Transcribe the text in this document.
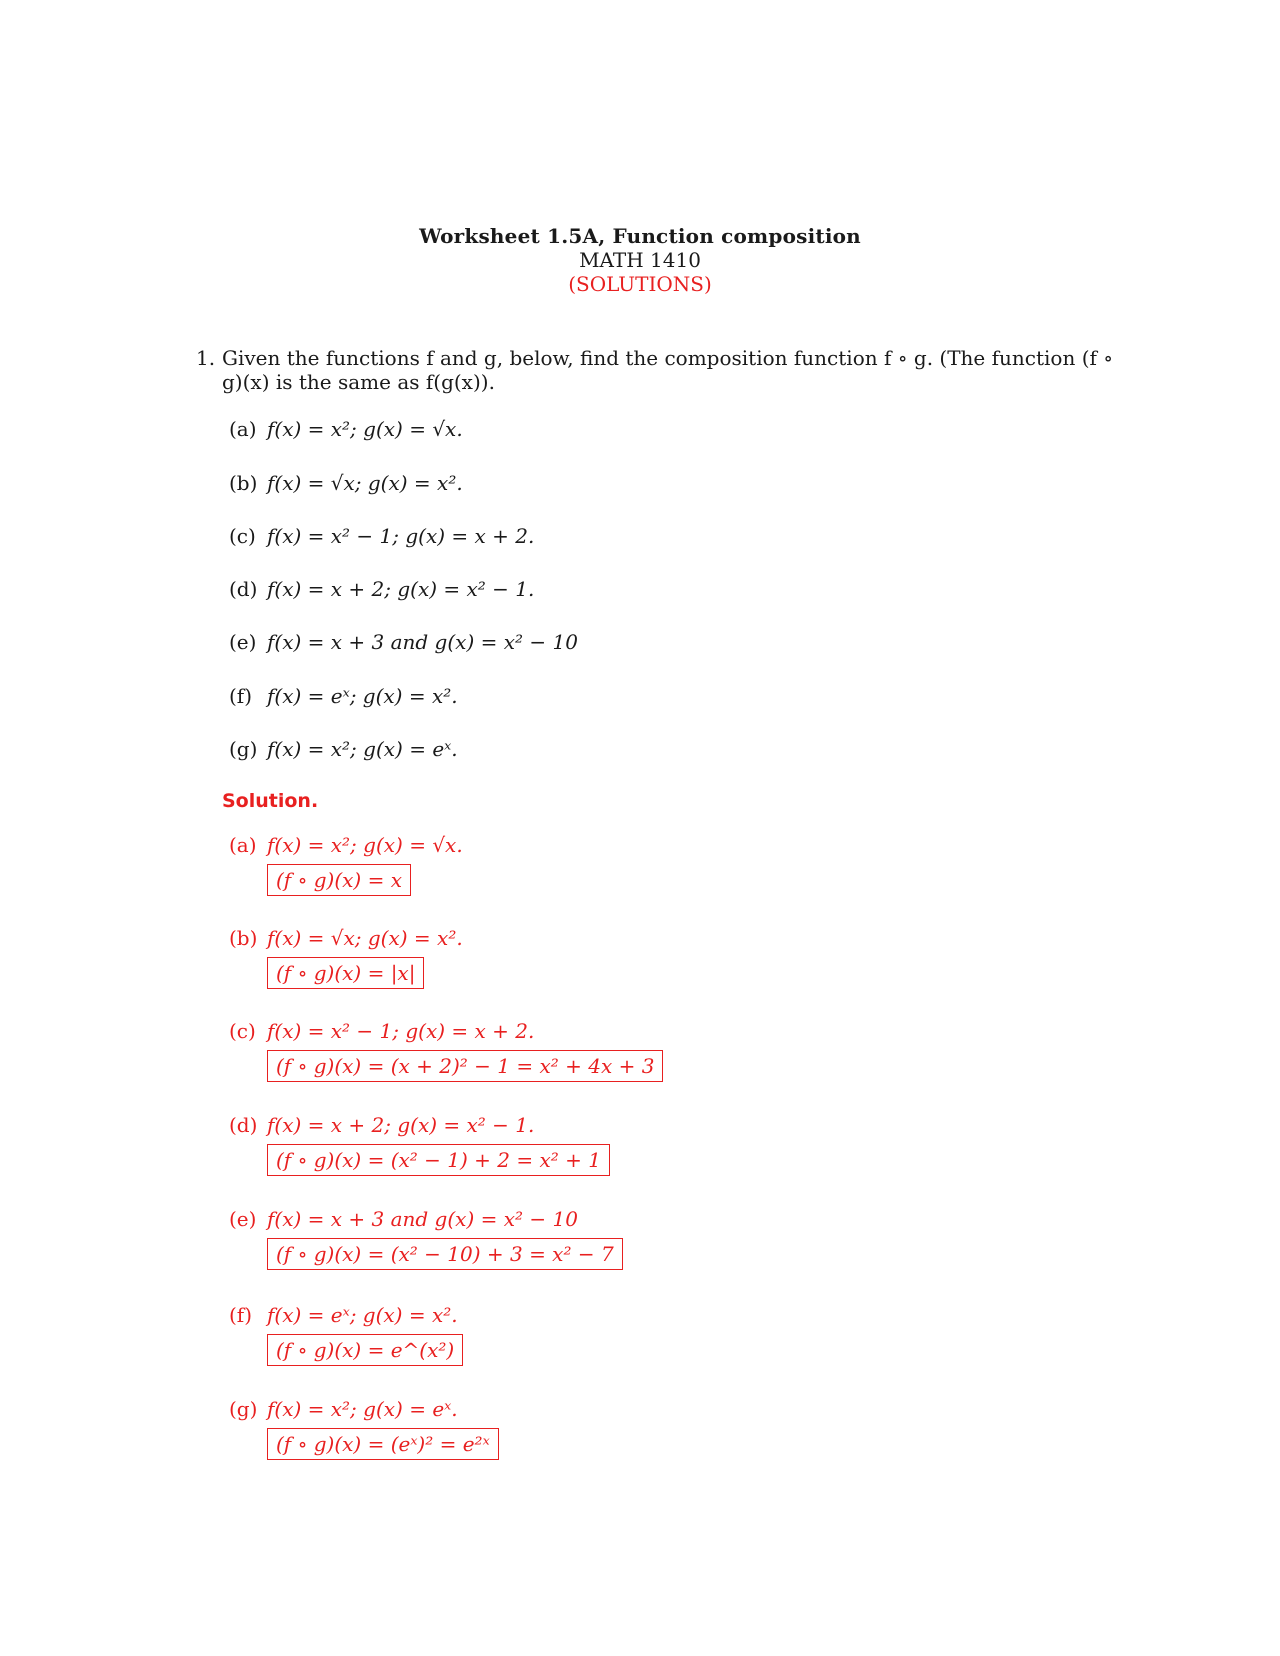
Worksheet 1.5A, Function composition
MATH 1410
(SOLUTIONS)
1. Given the functions f and g, below, find the composition function f ∘ g. (The function (f ∘ g)(x) is the same as f(g(x)).
(a) f(x) = x²; g(x) = √x.
(b) f(x) = √x; g(x) = x².
(c) f(x) = x² − 1; g(x) = x + 2.
(d) f(x) = x + 2; g(x) = x² − 1.
(e) f(x) = x + 3 and g(x) = x² − 10
(f) f(x) = eˣ; g(x) = x².
(g) f(x) = x²; g(x) = eˣ.
Solution.
(a) f(x) = x²; g(x) = √x.
(f ∘ g)(x) = x
(b) f(x) = √x; g(x) = x².
(f ∘ g)(x) = |x|
(c) f(x) = x² − 1; g(x) = x + 2.
(f ∘ g)(x) = (x + 2)² − 1 = x² + 4x + 3
(d) f(x) = x + 2; g(x) = x² − 1.
(f ∘ g)(x) = (x² − 1) + 2 = x² + 1
(e) f(x) = x + 3 and g(x) = x² − 10
(f ∘ g)(x) = (x² − 10) + 3 = x² − 7
(f) f(x) = eˣ; g(x) = x².
(f ∘ g)(x) = e^(x²)
(g) f(x) = x²; g(x) = eˣ.
(f ∘ g)(x) = (eˣ)² = e²ˣ
